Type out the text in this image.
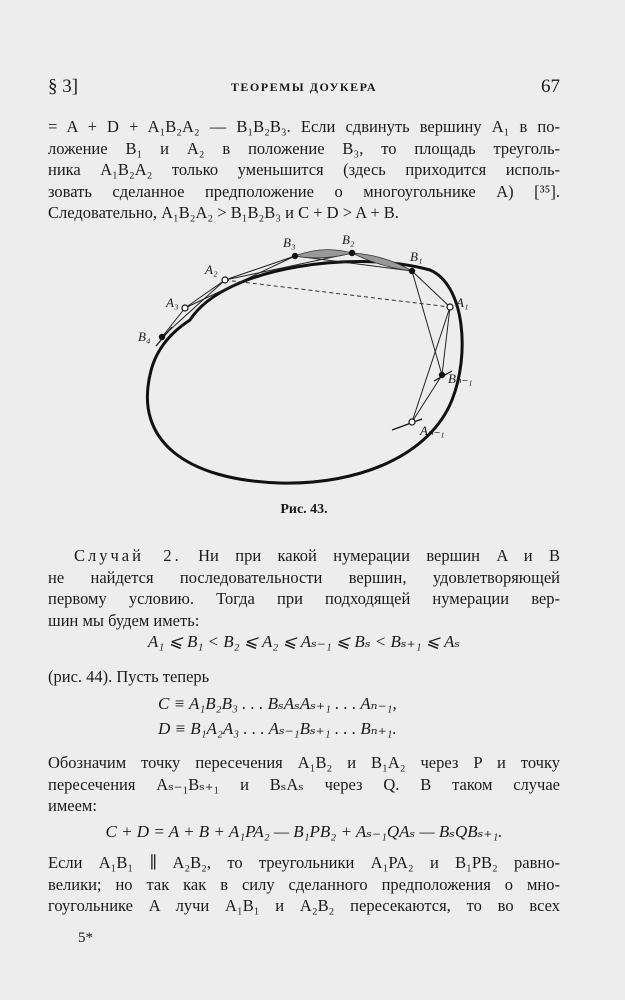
§ 3]	ТЕОРЕМЫ ДОУКЕРА	67
= A + D + A₁B₂A₂ — B₁B₂B₃. Если сдвинуть вершину A₁ в по-
ложение B₁ и A₂ в положение B₃, то площадь треуголь-
ника A₁B₂A₂ только уменьшится (здесь приходится исполь-
зовать сделанное предположение о многоугольнике A) [³⁵].
Следовательно, A₁B₂A₂ > B₁B₂B₃ и C + D > A + B.
B₃	B₂
B₁
A₂
A₃	A₁
B₄
Bₙ₋₁
Aₙ₋₁
Рис. 43.
Случай 2. Ни при какой нумерации вершин A и B
не найдется последовательности вершин, удовлетворяющей
первому условию. Тогда при подходящей нумерации вер-
шин мы будем иметь:
A₁ ⩽ B₁ < B₂ ⩽ A₂ ⩽ Aₛ₋₁ ⩽ Bₛ < Bₛ₊₁ ⩽ Aₛ
(рис. 44). Пусть теперь
C ≡ A₁B₂B₃ . . . BₛAₛAₛ₊₁ . . . Aₙ₋₁,
D ≡ B₁A₂A₃ . . . Aₛ₋₁Bₛ₊₁ . . . Bₙ₊₁.
Обозначим точку пересечения A₁B₂ и B₁A₂ через P и точку
пересечения Aₛ₋₁Bₛ₊₁ и BₛAₛ через Q. В таком случае
имеем:
C + D = A + B + A₁PA₂ — B₁PB₂ + Aₛ₋₁QAₛ — BₛQBₛ₊₁.
Если A₁B₁ ∥ A₂B₂, то треугольники A₁PA₂ и B₁PB₂ равно-
велики; но так как в силу сделанного предположения о мно-
гоугольнике A лучи A₁B₁ и A₂B₂ пересекаются, то во всех
5*
